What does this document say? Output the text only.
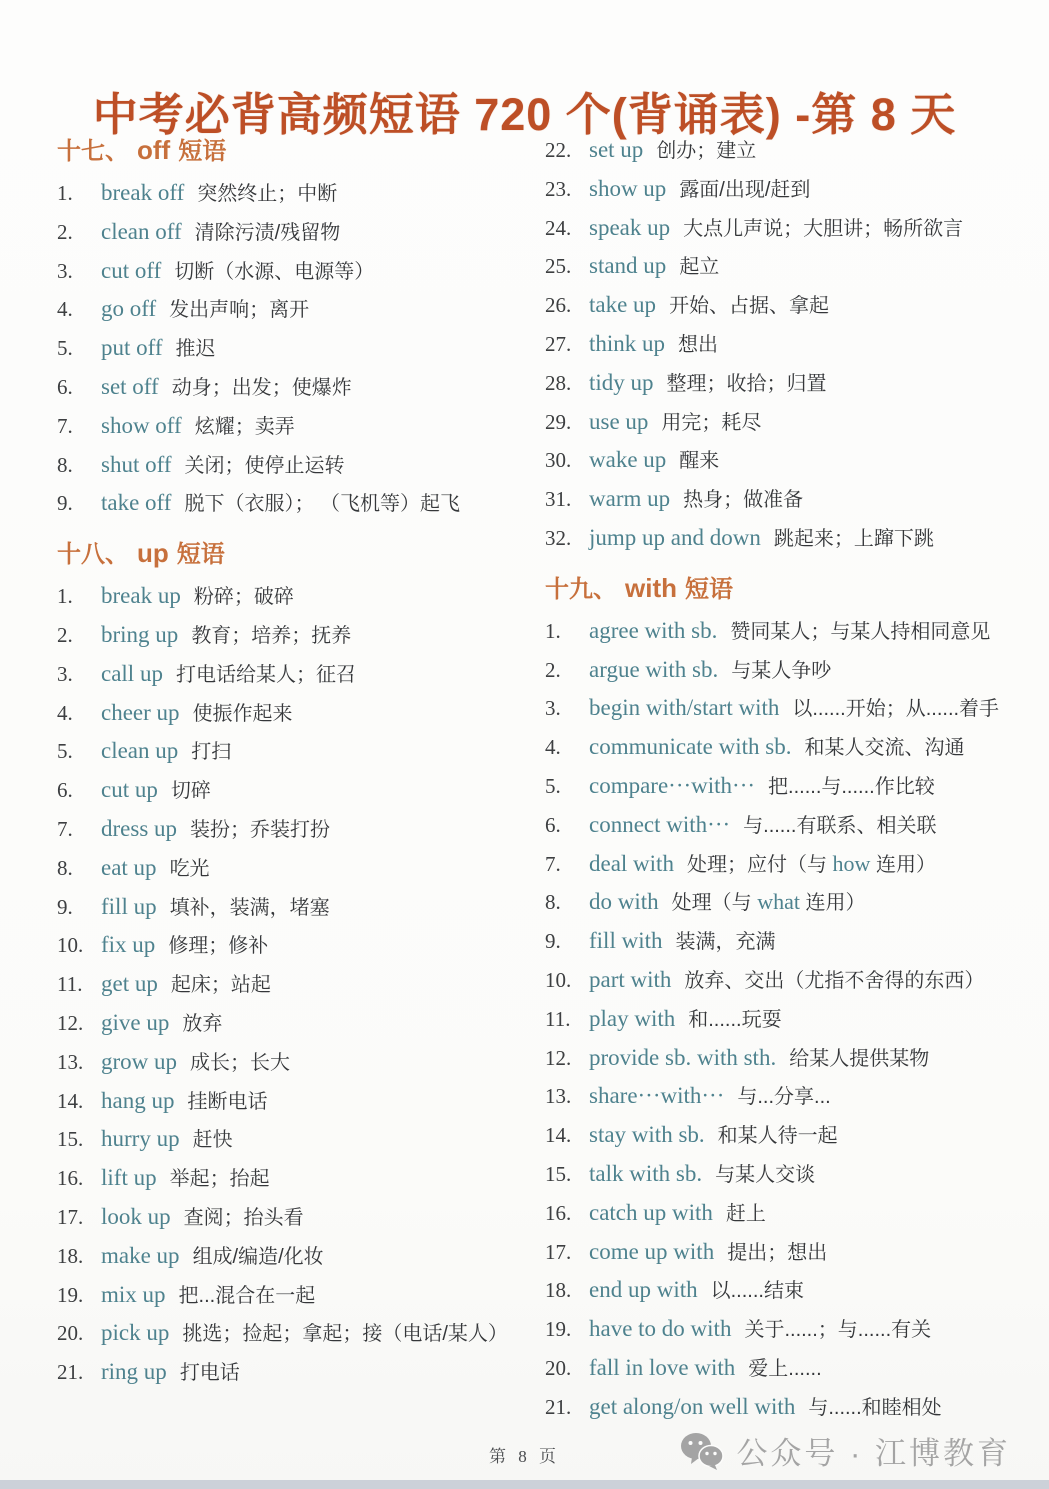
中考必背高频短语 720 个(背诵表) -第 8 天
十七、 off 短语
1.	break off 突然终止；中断
2.	clean off 清除污渍/残留物
3.	cut off 切断（水源、电源等）
4.	go off 发出声响；离开
5.	put off 推迟
6.	set off 动身；出发；使爆炸
7.	show off 炫耀；卖弄
8.	shut off 关闭；使停止运转
9.	take off 脱下（衣服）； （飞机等）起飞
十八、 up 短语
1.	break up 粉碎；破碎
2.	bring up 教育；培养；抚养
3.	call up 打电话给某人；征召
4.	cheer up 使振作起来
5.	clean up 打扫
6.	cut up 切碎
7.	dress up 装扮；乔装打扮
8.	eat up 吃光
9.	fill up 填补，装满，堵塞
10. fix up 修理；修补
11. get up 起床；站起
12. give up 放弃
13. grow up 成长；长大
14. hang up 挂断电话
15. hurry up 赶快
16. lift up 举起；抬起
17. look up 查阅；抬头看
18. make up 组成/编造/化妆
19. mix up 把...混合在一起
20. pick up 挑选；捡起；拿起；接（电话/某人）
21. ring up 打电话
22. set up 创办；建立
23. show up 露面/出现/赶到
24. speak up 大点儿声说；大胆讲；畅所欲言
25. stand up 起立
26. take up 开始、占据、拿起
27. think up 想出
28. tidy up 整理；收拾；归置
29. use up 用完；耗尽
30. wake up 醒来
31. warm up 热身；做准备
32. jump up and down 跳起来；上蹿下跳
十九、 with 短语
1.	agree with sb. 赞同某人；与某人持相同意见
2.	argue with sb. 与某人争吵
3.	begin with/start with 以......开始；从......着手
4.	communicate with sb. 和某人交流、沟通
5.	compare···with··· 把......与......作比较
6.	connect with··· 与......有联系、相关联
7.	deal with 处理；应付（与 how 连用）
8.	do with 处理（与 what 连用）
9.	fill with 装满，充满
10. part with 放弃、交出（尤指不舍得的东西）
11. play with 和......玩耍
12. provide sb. with sth. 给某人提供某物
13. share···with··· 与...分享...
14. stay with sb. 和某人待一起
15. talk with sb. 与某人交谈
16. catch up with 赶上
17. come up with 提出；想出
18. end up with 以......结束
19. have to do with 关于......；与......有关
20. fall in love with 爱上......
21. get along/on well with 与......和睦相处
第 8 页	公众号 · 江博教育
